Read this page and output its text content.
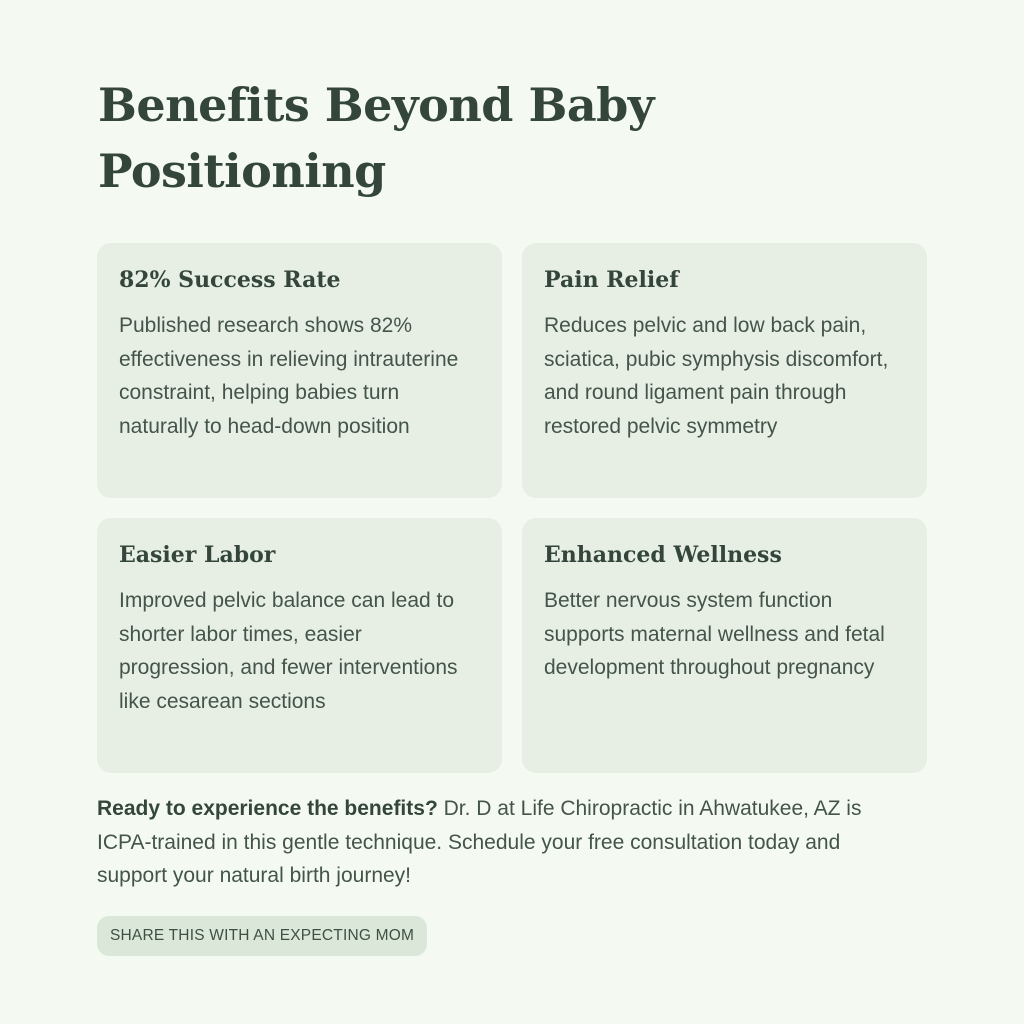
Benefits Beyond Baby Positioning
82% Success Rate

Published research shows 82% effectiveness in relieving intrauterine constraint, helping babies turn naturally to head-down position

Pain Relief

Reduces pelvic and low back pain, sciatica, pubic symphysis discomfort, and round ligament pain through restored pelvic symmetry

Easier Labor

Improved pelvic balance can lead to shorter labor times, easier progression, and fewer interventions like cesarean sections

Enhanced Wellness

Better nervous system function supports maternal wellness and fetal development throughout pregnancy

Ready to experience the benefits? Dr. D at Life Chiropractic in Ahwatukee, AZ is ICPA-trained in this gentle technique. Schedule your free consultation today and support your natural birth journey!

SHARE THIS WITH AN EXPECTING MOM
